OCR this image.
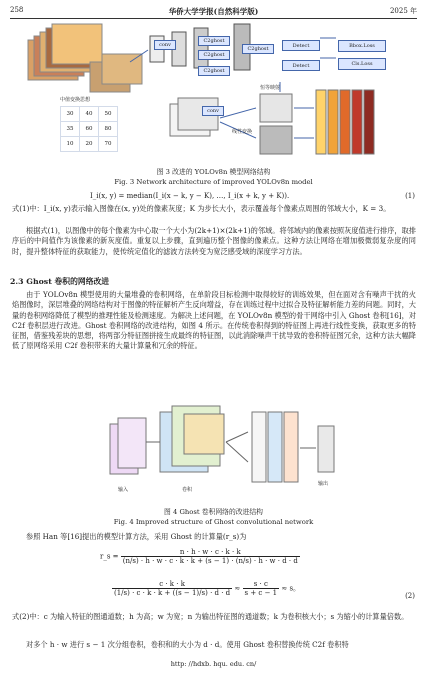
258	华侨大学学报(自然科学版)	2025 年
conv
C2ghost
C2ghost
C2ghost
C2ghost
Detect
Detect
Bbox.Loss
Cls.Loss
conv
中值变换思想
恒等映射
线性变换
30	40	50
35	60	80
10	20	70
图 3 改进的 YOLOv8n 模型网络结构
Fig. 3 Network architecture of improved YOLOv8n model
I_i(x, y) = median(I_i(x − k, y − K), …, I_i(x + k, y + K)).	(1)
式(1)中：I_i(x, y)表示输入图像在(x, y)处的像素灰度；K 为步长大小，表示覆盖每个像素点周围的邻域大小，K = 3。
根据式(1)，以图像中的每个像素为中心取一个大小为(2k+1)×(2k+1)的邻域。将邻域内的像素按照灰度值进行排序，取排序后的中间值作为该像素的新灰度值。重复以上步骤，直到遍历整个图像的像素点。这种方法让网络在增加极微弱复杂度的同时，提升整体特征的获取能力，使传统定值化的滤波方法转变为宽泛感受域的深度学习方法。
2.3 Ghost 卷积的网络改进
由于 YOLOv8n 模型使用的大量堆叠的卷积网络，在单阶段目标检测中取得较好的训练效果，但在面对含有噪声干扰的火焰图像时，深层堆叠的网络结构对于图像的特征解析产生反向增益，存在训练过程中过拟合及特征解析能力差的问题。同时，大量的卷积网络降低了模型的推理性能及检测速度。为解决上述问题，在 YOLOv8n 模型的骨干网络中引入 Ghost 卷积[16]，对 C2f 卷积层进行改进。Ghost 卷积网络的改进结构，如图 4 所示。在传统卷积得到的特征图上再进行线性变换，获取更多的特征图，借鉴残差块的思想，将两部分特征图拼接生成最终的特征图，以此消除噪声干扰导致的卷积特征图冗余，这种方法大幅降低了原网络采用 C2f 卷积带来的大量计算量和冗余的特征。
输入	卷积
输出
图 4 Ghost 卷积网络的改进结构
Fig. 4 Improved structure of Ghost convolutional network
参照 Han 等[16]提出的模型计算方法，采用 Ghost 的计算量(r_s)为
r_s = $\frac{n \cdot h \cdot w \cdot c \cdot k \cdot k}{(n/s) \cdot h \cdot w \cdot c \cdot k \cdot k + (s - 1) \cdot (n/s) \cdot h \cdot w \cdot d \cdot d}$
$\frac{c \cdot k \cdot k}{(1/s) \cdot c \cdot k \cdot k + ((s - 1)/s) \cdot d \cdot d} \approx \frac{s \cdot c}{s + c - 1} \approx s$。
(2)
式(2)中：c 为输入特征的图通道数；h 为高；w 为宽；n 为输出特征图的通道数；k 为卷积核大小；s 为缩小的计算量倍数。
对多个 h · w 进行 s − 1 次分组卷积，卷积和的大小为 d · d。使用 Ghost 卷积替换传统 C2f 卷积特
http: //hdxb. hqu. edu. cn/
